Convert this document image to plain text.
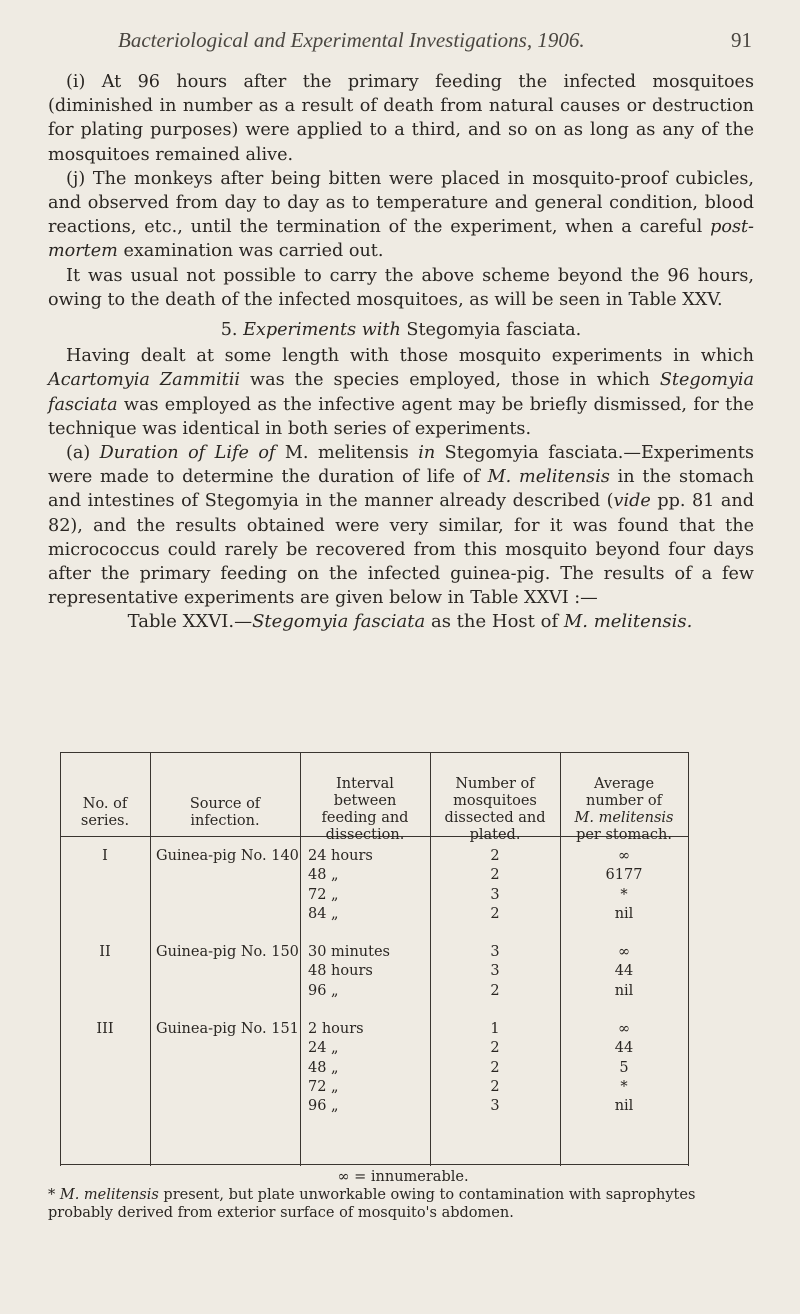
Bacteriological and Experimental Investigations, 1906.	91

(i) At 96 hours after the primary feeding the infected mosquitoes (diminished in number as a result of death from natural causes or destruction for plating purposes) were applied to a third, and so on as long as any of the mosquitoes remained alive.

(j) The monkeys after being bitten were placed in mosquito-proof cubicles, and observed from day to day as to temperature and general condition, blood reactions, etc., until the termination of the experiment, when a careful post-mortem examination was carried out.

It was usual not possible to carry the above scheme beyond the 96 hours, owing to the death of the infected mosquitoes, as will be seen in Table XXV.

5. Experiments with Stegomyia fasciata.

Having dealt at some length with those mosquito experiments in which Acartomyia Zammitii was the species employed, those in which Stegomyia fasciata was employed as the infective agent may be briefly dismissed, for the technique was identical in both series of experiments.

(a) Duration of Life of M. melitensis in Stegomyia fasciata.—Experiments were made to determine the duration of life of M. melitensis in the stomach and intestines of Stegomyia in the manner already described (vide pp. 81 and 82), and the results obtained were very similar, for it was found that the micrococcus could rarely be recovered from this mosquito beyond four days after the primary feeding on the infected guinea-pig. The results of a few representative experiments are given below in Table XXVI :—

Table XXVI.—Stegomyia fasciata as the Host of M. melitensis.

No. of
series.
Source of
infection.
Interval
between
feeding and
dissection.
Number of
mosquitoes
dissected and
plated.
Average
number of
M. melitensis
per stomach.
I
II
III
Guinea-pig No. 140
Guinea-pig No. 150
Guinea-pig No. 151
24 hours
48 „
72 „
84 „
30 minutes
48 hours
96 „
2 hours
24 „
48 „
72 „
96 „
2
2
3
2
3
3
2
1
2
2
2
3
∞
6177
*
nil
∞
44
nil
∞
44
5
*
nil
∞ = innumerable.
* M. melitensis present, but plate unworkable owing to contamination with saprophytes probably derived from exterior surface of mosquito's abdomen.
